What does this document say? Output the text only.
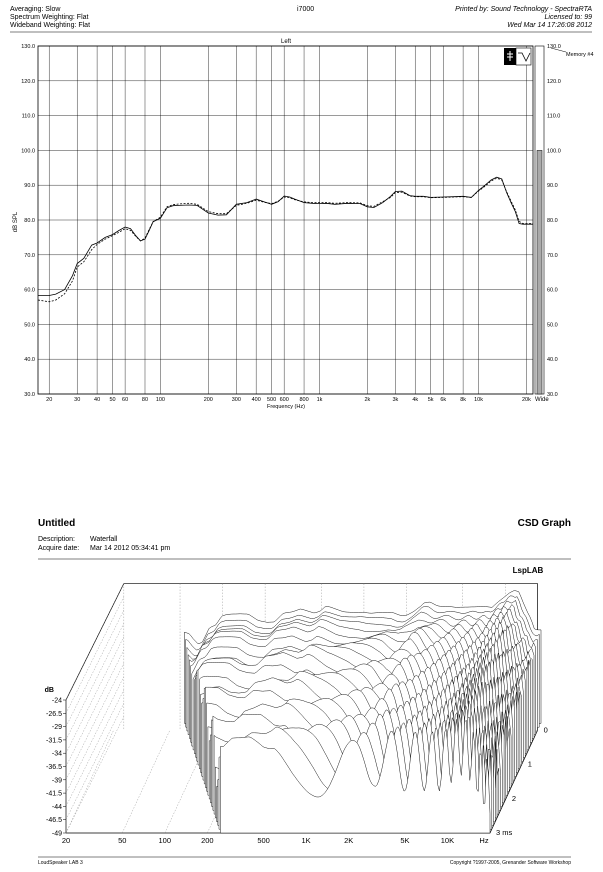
Averaging: Slow
Spectrum Weighting: Flat
Wideband Weighting: Flat
i7000	Printed by: Sound Technology - SpectraRTA
Licensed to: 99
Wed Mar 14 17:26:08 2012
Left
dB SPL
Frequency (Hz)
30.0
40.0
50.0
60.0
70.0
80.0
90.0
100.0
110.0
120.0
130.0
30.0
40.0
50.0
60.0
70.0
80.0
90.0
100.0
110.0
120.0
130.0
20	30 40 50 60 80 100	200	300 400 500 600 800 1k	2k	3k	4k 5k 6k	8k 10k	20k Wide
Memory #4
Untitled	CSD Graph
Description: Waterfall
Acquire date: Mar 14 2012 05:34:41 pm
-24
-26.5
-29
-31.5
-34
-36.5
-39
-41.5
-44
-46.5
-49
20	50	100	200	500	1K	2K	5K	10K	Hz
0
1
2
3 ms
dB
LspLAB
LoudSpeaker LAB 3	Copyright ?1997-2005, Grenander Software Workshop
